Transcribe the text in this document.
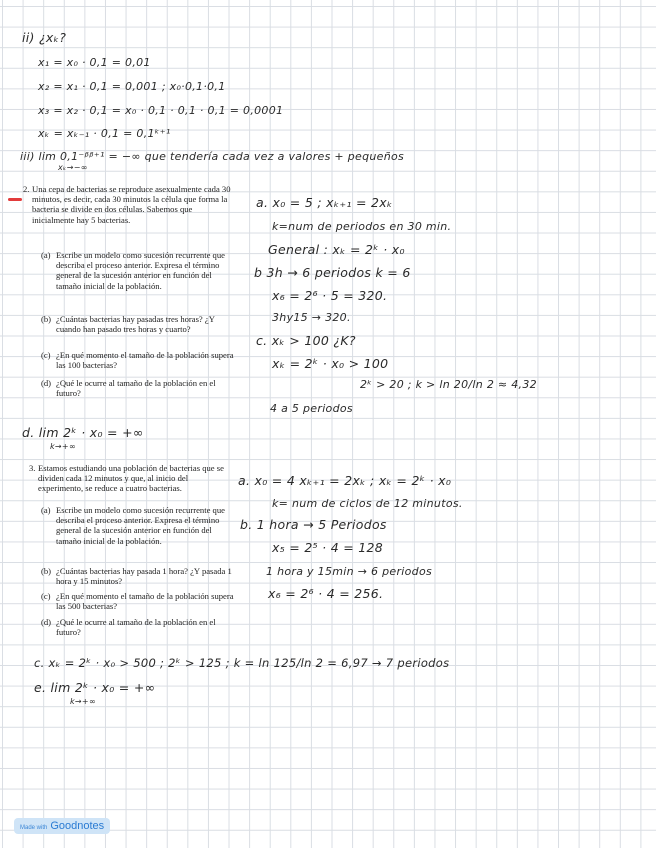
ii) ¿xₖ?
x₁ = x₀ · 0,1 = 0,01
x₂ = x₁ · 0,1 = 0,001 ; x₀·0,1·0,1
x₃ = x₂ · 0,1 = x₀ · 0,1 · 0,1 · 0,1 = 0,0001
xₖ = xₖ₋₁ · 0,1 = 0,1ᵏ⁺¹
iii) lim 0,1⁻ᵝᵝ⁺¹ = −∞ que tendería cada vez a valores + pequeños
xₖ→−∞
2. Una cepa de bacterias se reproduce asexualmente cada 30 minutos, es decir, cada 30 minutos la célula que forma la bacteria se divide en dos células. Sabemos que inicialmente hay 5 bacterias.
(a) Escribe un modelo como sucesión recurrente que describa el proceso anterior. Expresa el término general de la sucesión anterior en función del tamaño inicial de la población.
(b) ¿Cuántas bacterias hay pasadas tres horas? ¿Y cuando han pasado tres horas y cuarto?
(c) ¿En qué momento el tamaño de la población supera las 100 bacterias?
(d) ¿Qué le ocurre al tamaño de la población en el futuro?
a. x₀ = 5 ; xₖ₊₁ = 2xₖ
k=num de periodos en 30 min.
General : xₖ = 2ᵏ · x₀
b 3h → 6 periodos k = 6
x₆ = 2⁶ · 5 = 320.
3hy15 → 320.
c. xₖ > 100 ¿K?
xₖ = 2ᵏ · x₀ > 100
2ᵏ > 20 ; k > ln 20/ln 2 ≈ 4,32
4 a 5 periodos
d. lim 2ᵏ · x₀ = +∞
k→+∞
3. Estamos estudiando una población de bacterias que se dividen cada 12 minutos y que, al inicio del experimento, se reduce a cuatro bacterias.
(a) Escribe un modelo como sucesión recurrente que describa el proceso anterior. Expresa el término general de la sucesión anterior en función del tamaño inicial de la población.
(b) ¿Cuántas bacterias hay pasada 1 hora? ¿Y pasada 1 hora y 15 minutos?
(c) ¿En qué momento el tamaño de la población supera las 500 bacterias?
(d) ¿Qué le ocurre al tamaño de la población en el futuro?
a. x₀ = 4 xₖ₊₁ = 2xₖ ; xₖ = 2ᵏ · x₀
k= num de ciclos de 12 minutos.
b. 1 hora → 5 Periodos
x₅ = 2⁵ · 4 = 128
1 hora y 15min → 6 periodos
x₆ = 2⁶ · 4 = 256.
c. xₖ = 2ᵏ · x₀ > 500 ; 2ᵏ > 125 ; k = ln 125/ln 2 = 6,97 → 7 periodos
e. lim 2ᵏ · x₀ = +∞
k→+∞
Made with Goodnotes
